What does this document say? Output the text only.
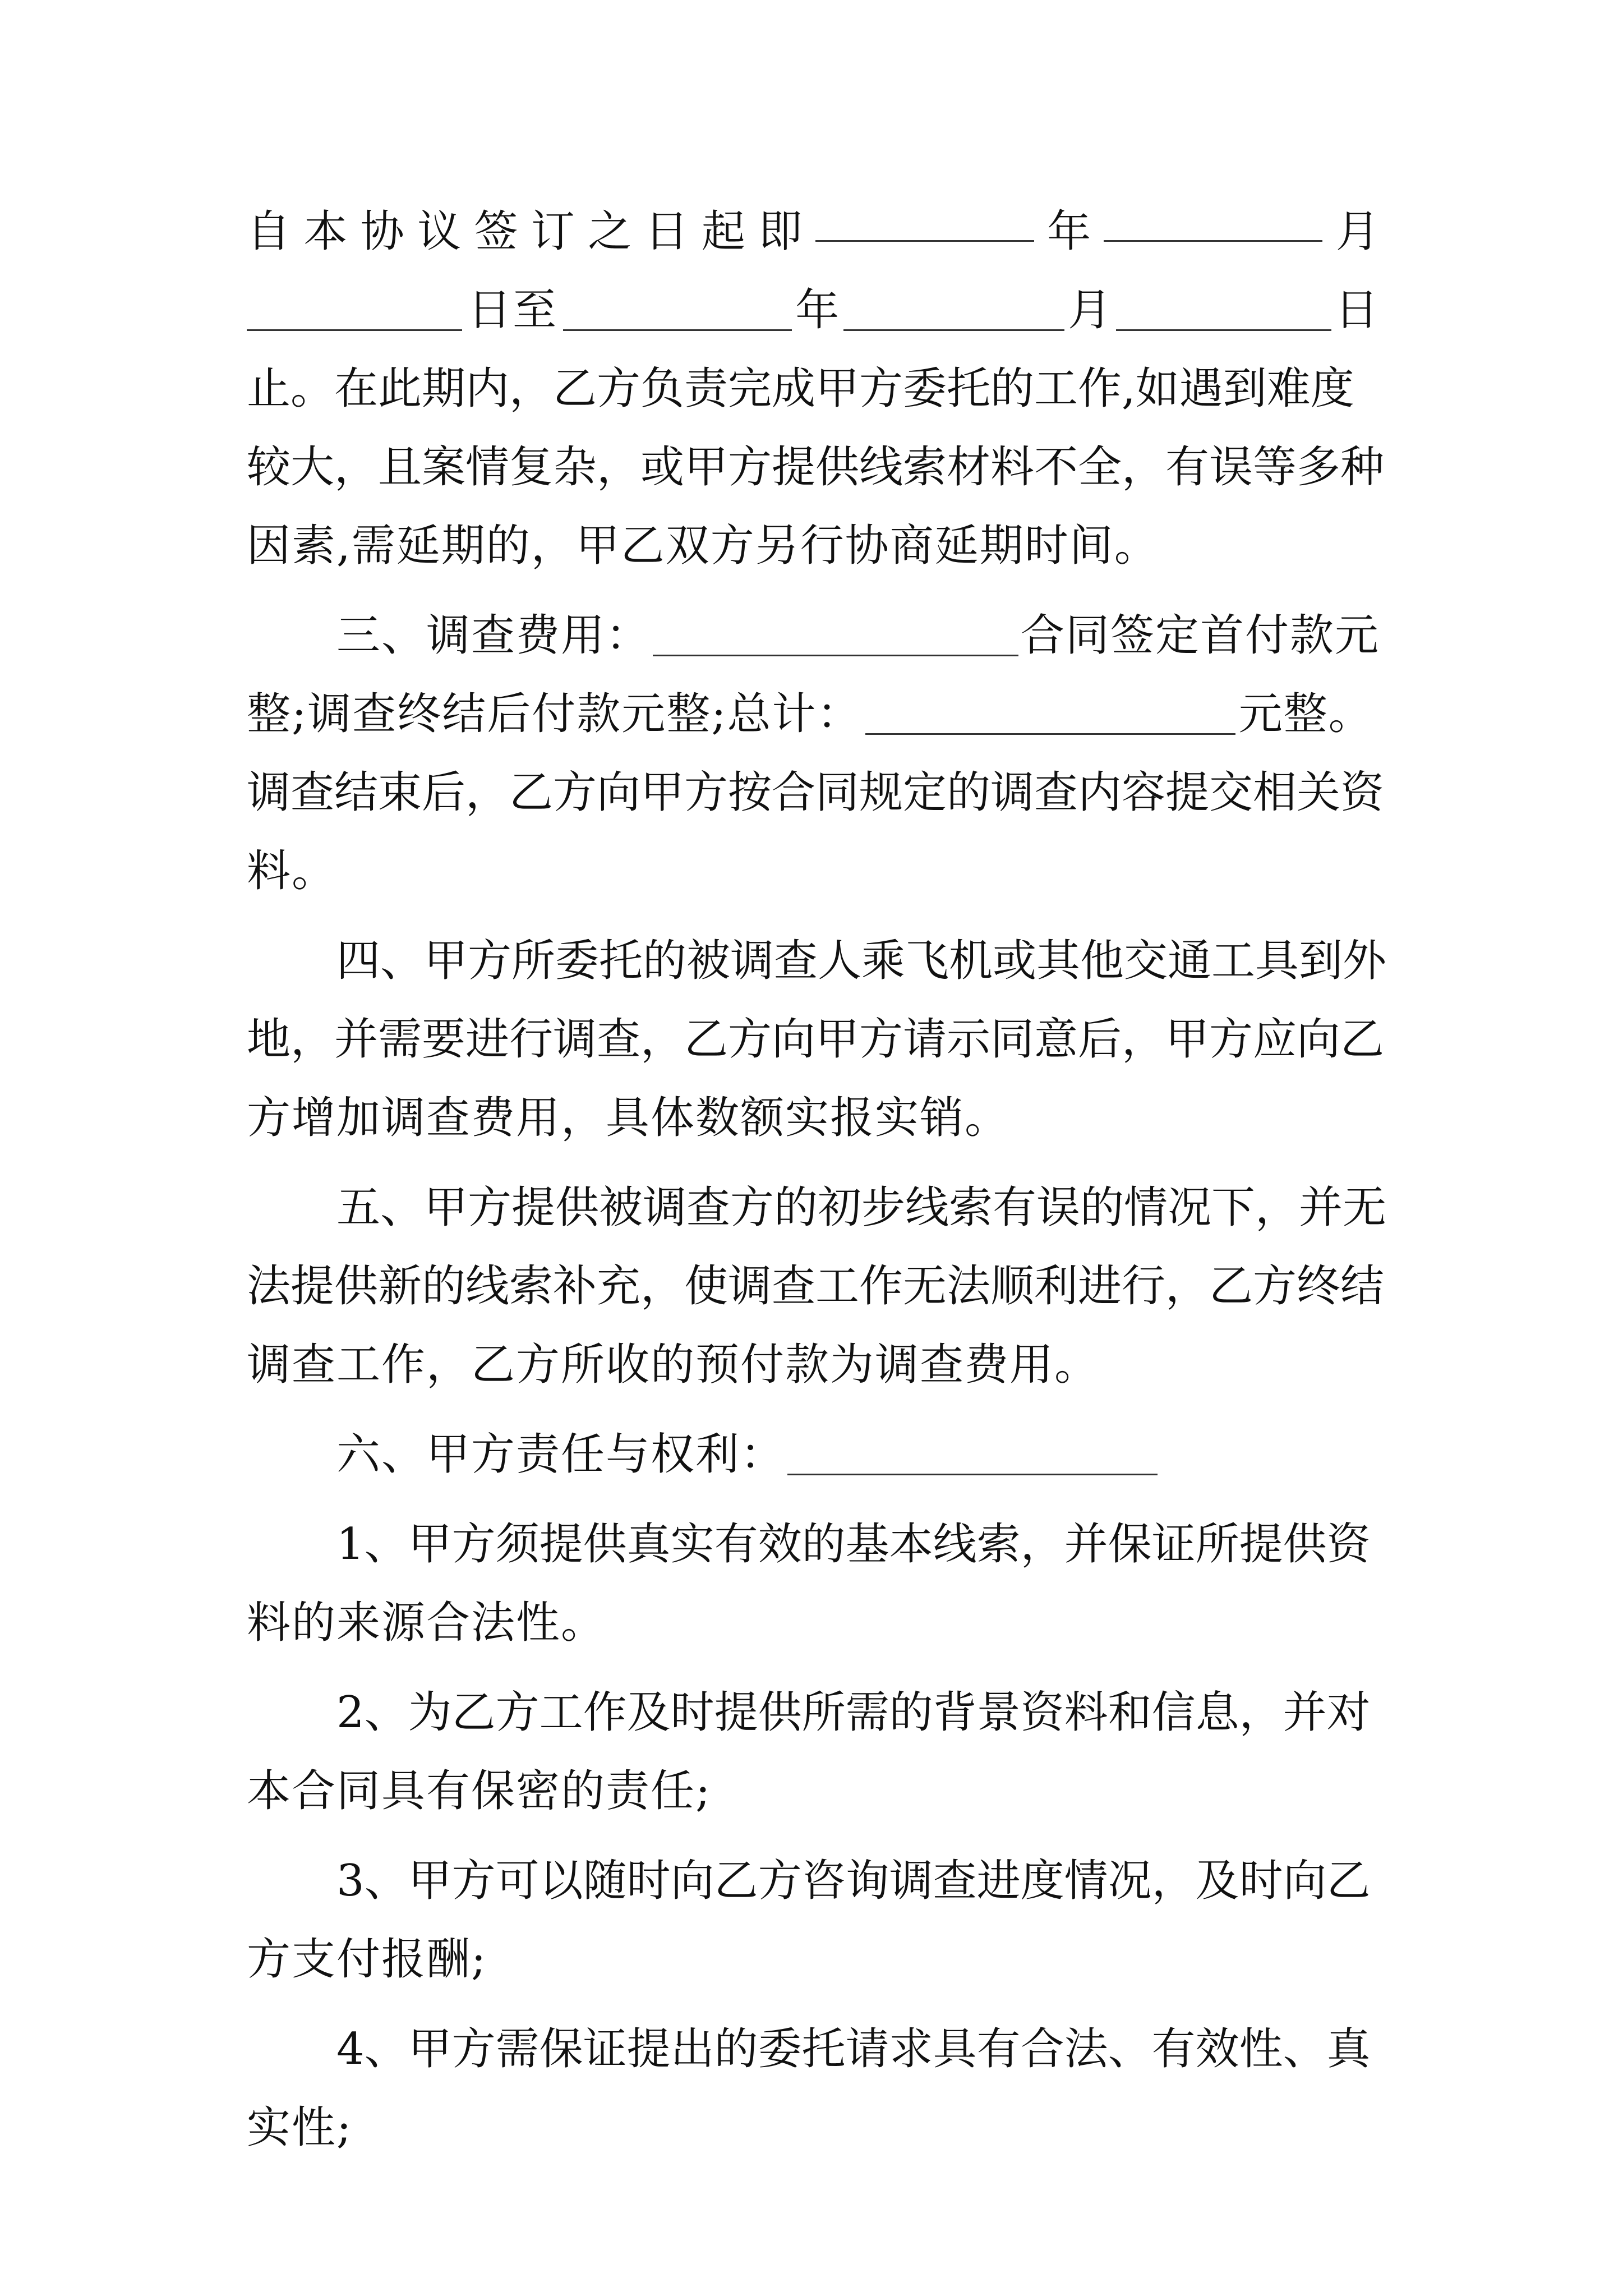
自 本 协 议 签 订 之 日 起 即	年	月
日至	年	月	日
止。在此期内，乙方负责完成甲方委托的工作,如遇到难度
较大，且案情复杂，或甲方提供线索材料不全，有误等多种
因素,需延期的，甲乙双方另行协商延期时间。
三、调查费用：	合同签定首付款元
整;调查终结后付款元整;总计：	元整。
调查结束后，乙方向甲方按合同规定的调查内容提交相关资
料。
四、甲方所委托的被调查人乘飞机或其他交通工具到外
地，并需要进行调查，乙方向甲方请示同意后，甲方应向乙
方增加调查费用，具体数额实报实销。
五、甲方提供被调查方的初步线索有误的情况下，并无
法提供新的线索补充，使调查工作无法顺利进行，乙方终结
调查工作，乙方所收的预付款为调查费用。
六、甲方责任与权利：
1、甲方须提供真实有效的基本线索，并保证所提供资
料的来源合法性。
2、为乙方工作及时提供所需的背景资料和信息，并对
本合同具有保密的责任;
3、甲方可以随时向乙方咨询调查进度情况，及时向乙
方支付报酬;
4、甲方需保证提出的委托请求具有合法、有效性、真
实性;
